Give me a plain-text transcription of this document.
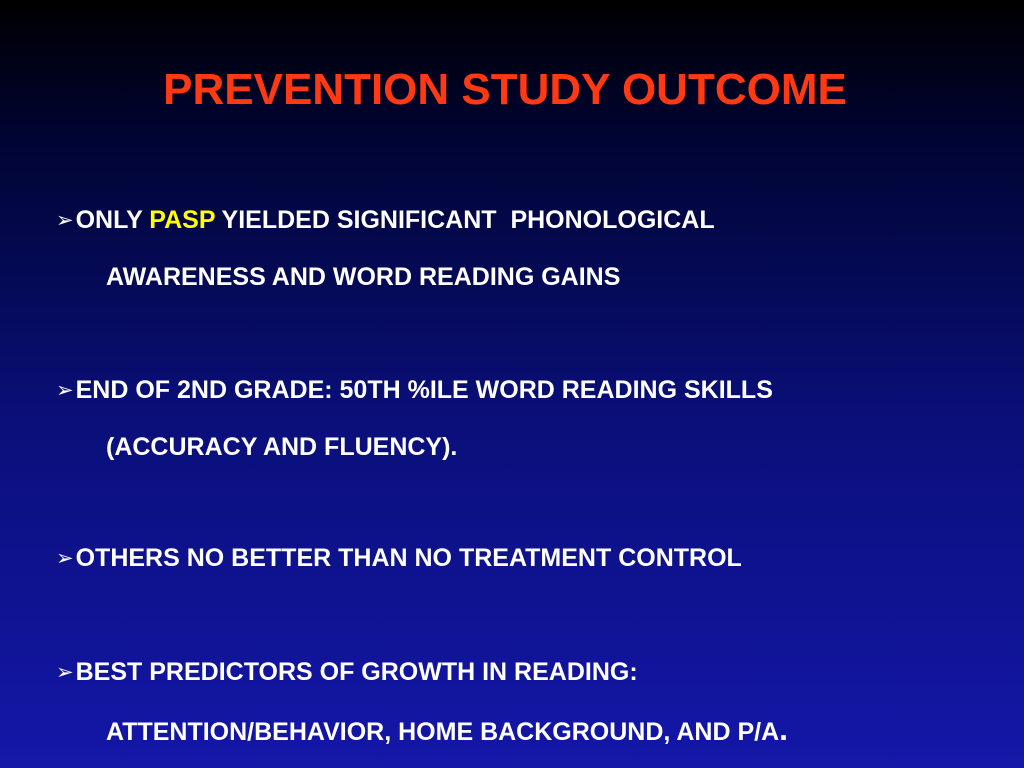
PREVENTION STUDY OUTCOME
➢ONLY PASP YIELDED SIGNIFICANT  PHONOLOGICAL
AWARENESS AND WORD READING GAINS
➢END OF 2ND GRADE: 50TH %ILE WORD READING SKILLS
(ACCURACY AND FLUENCY).
➢OTHERS NO BETTER THAN NO TREATMENT CONTROL
➢BEST PREDICTORS OF GROWTH IN READING:
ATTENTION/BEHAVIOR, HOME BACKGROUND, AND P/A.
